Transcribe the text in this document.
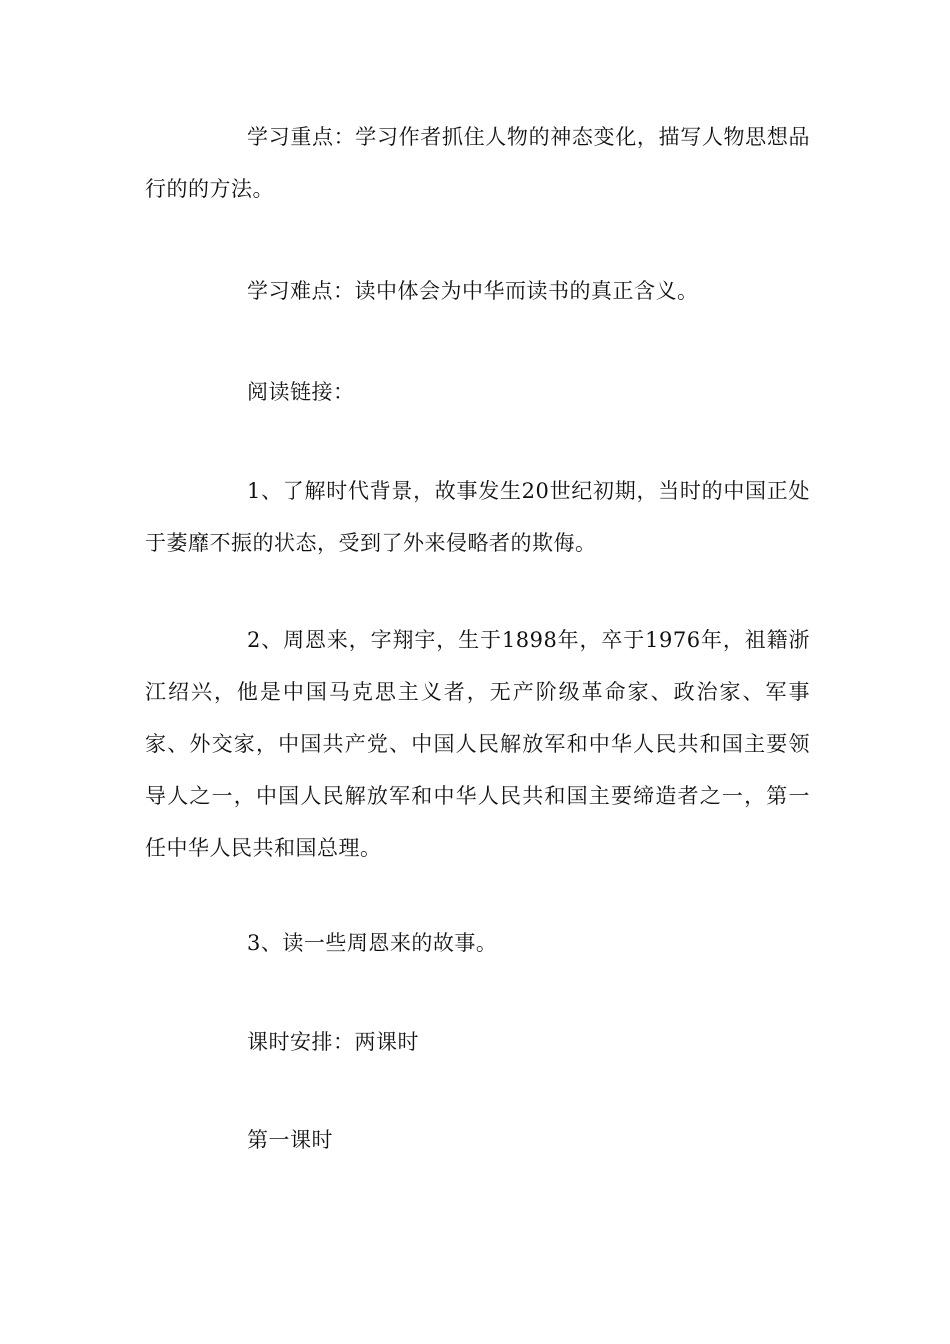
学习重点：学习作者抓住人物的神态变化，描写人物思想品行的的方法。

学习难点：读中体会为中华而读书的真正含义。

阅读链接：

1、了解时代背景，故事发生20世纪初期，当时的中国正处于萎靡不振的状态，受到了外来侵略者的欺侮。

2、周恩来，字翔宇，生于1898年，卒于1976年，祖籍浙江绍兴，他是中国马克思主义者，无产阶级革命家、政治家、军事家、外交家，中国共产党、中国人民解放军和中华人民共和国主要领导人之一，中国人民解放军和中华人民共和国主要缔造者之一，第一任中华人民共和国总理。

3、读一些周恩来的故事。

课时安排：两课时

第一课时
